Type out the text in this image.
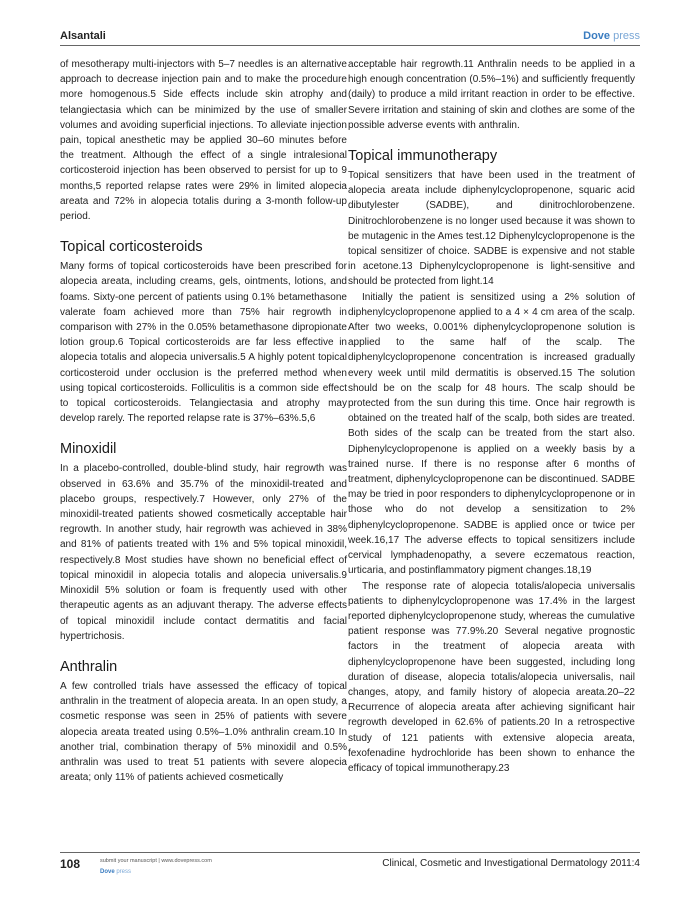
Alsantali	Dove press

of mesotherapy multi-injectors with 5–7 needles is an alternative approach to decrease injection pain and to make the procedure more homogenous.5 Side effects include skin atrophy and telangiectasia which can be minimized by the use of smaller volumes and avoiding superficial injections. To alleviate injection pain, topical anesthetic may be applied 30–60 minutes before the treatment. Although the effect of a single intralesional corticosteroid injection has been observed to persist for up to 9 months,5 reported relapse rates were 29% in limited alopecia areata and 72% in alopecia totalis during a 3-month follow-up period.

Topical corticosteroids

Many forms of topical corticosteroids have been prescribed for alopecia areata, including creams, gels, ointments, lotions, and foams. Sixty-one percent of patients using 0.1% betamethasone valerate foam achieved more than 75% hair regrowth in comparison with 27% in the 0.05% betamethasone dipropionate lotion group.6 Topical corticosteroids are far less effective in alopecia totalis and alopecia universalis.5 A highly potent topical corticosteroid under occlusion is the preferred method when using topical corticosteroids. Folliculitis is a common side effect to topical corticosteroids. Telangiectasia and atrophy may develop rarely. The reported relapse rate is 37%–63%.5,6

Minoxidil

In a placebo-controlled, double-blind study, hair regrowth was observed in 63.6% and 35.7% of the minoxidil-treated and placebo groups, respectively.7 However, only 27% of the minoxidil-treated patients showed cosmetically acceptable hair regrowth. In another study, hair regrowth was achieved in 38% and 81% of patients treated with 1% and 5% topical minoxidil, respectively.8 Most studies have shown no beneficial effect of topical minoxidil in alopecia totalis and alopecia universalis.9 Minoxidil 5% solution or foam is frequently used with other therapeutic agents as an adjuvant therapy. The adverse effects of topical minoxidil include contact dermatitis and facial hypertrichosis.

Anthralin

A few controlled trials have assessed the efficacy of topical anthralin in the treatment of alopecia areata. In an open study, a cosmetic response was seen in 25% of patients with severe alopecia areata treated using 0.5%–1.0% anthralin cream.10 In another trial, combination therapy of 5% minoxidil and 0.5% anthralin was used to treat 51 patients with severe alopecia areata; only 11% of patients achieved cosmetically

acceptable hair regrowth.11 Anthralin needs to be applied in a high enough concentration (0.5%–1%) and sufficiently frequently (daily) to produce a mild irritant reaction in order to be effective. Severe irritation and staining of skin and clothes are some of the possible adverse events with anthralin.

Topical immunotherapy

Topical sensitizers that have been used in the treatment of alopecia areata include diphenylcyclopropenone, squaric acid dibutylester (SADBE), and dinitrochlorobenzene. Dinitrochlorobenzene is no longer used because it was shown to be mutagenic in the Ames test.12 Diphenylcyclopropenone is the topical sensitizer of choice. SADBE is expensive and not stable in acetone.13 Diphenylcyclopropenone is light-sensitive and should be protected from light.14

Initially the patient is sensitized using a 2% solution of diphenylcyclopropenone applied to a 4 × 4 cm area of the scalp. After two weeks, 0.001% diphenylcyclopropenone solution is applied to the same half of the scalp. The diphenylcyclopropenone concentration is increased gradually every week until mild dermatitis is observed.15 The solution should be on the scalp for 48 hours. The scalp should be protected from the sun during this time. Once hair regrowth is obtained on the treated half of the scalp, both sides are treated. Both sides of the scalp can be treated from the start also. Diphenylcyclopropenone is applied on a weekly basis by a trained nurse. If there is no response after 6 months of treatment, diphenylcyclopropenone can be discontinued. SADBE may be tried in poor responders to diphenylcyclopropenone or in those who do not develop a sensitization to 2% diphenylcyclopropenone. SADBE is applied once or twice per week.16,17 The adverse effects to topical sensitizers include cervical lymphadenopathy, a severe eczematous reaction, urticaria, and postinflammatory pigment changes.18,19

The response rate of alopecia totalis/alopecia universalis patients to diphenylcyclopropenone was 17.4% in the largest reported diphenylcyclopropenone study, whereas the cumulative patient response was 77.9%.20 Several negative prognostic factors in the treatment of alopecia areata with diphenylcyclopropenone have been suggested, including long duration of disease, alopecia totalis/alopecia universalis, nail changes, atopy, and family history of alopecia areata.20–22 Recurrence of alopecia areata after achieving significant hair regrowth developed in 62.6% of patients.20 In a retrospective study of 121 patients with extensive alopecia areata, fexofenadine hydrochloride has been shown to enhance the efficacy of topical immunotherapy.23

108	submit your manuscript | www.dovepress.com
Dove press
Clinical, Cosmetic and Investigational Dermatology 2011:4
